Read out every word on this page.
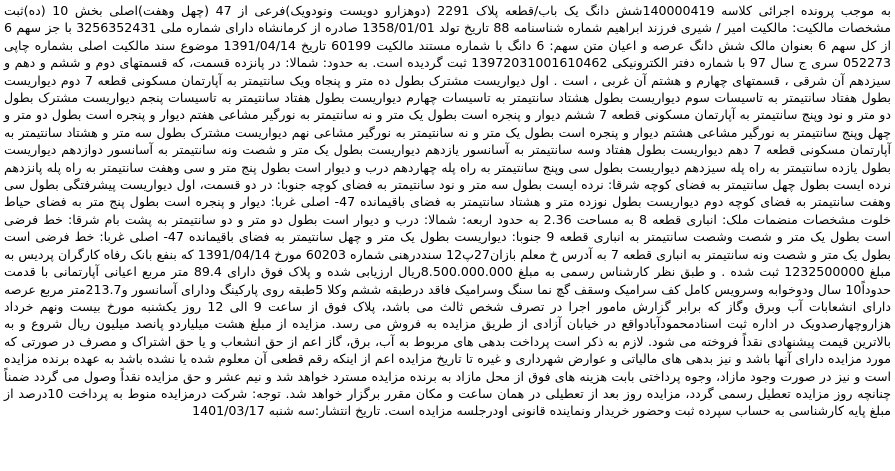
به موجب پرونده اجرائی کلاسه 140000419شش دانگ یک باب/قطعه پلاک 2291 (دوهزارو دویست ونودویک)فرعی از 47 (چهل وهفت)اصلی بخش 10 (ده)ثبت مشخصات مالکیت: مالکیت امیر / شیری فرزند ابراهیم شماره شناسنامه 88 تاریخ تولد 1358/01/01 صادره از کرمانشاه دارای شماره ملی 3256352431 با جز سهم 6 از کل سهم 6 بعنوان مالک شش دانگ عرصه و اعیان متن سهم: 6 دانگ با شماره مستند مالکیت 60199 تاریخ 1391/04/14 موضوع سند مالکیت اصلی بشماره چاپی 052273 سری ج سال 97 با شماره دفتر الکترونیکی 13972031001610462 ثبت گردیده است. به حدود: شمالا: در پانزده قسمت، که قسمتهای دوم و ششم و دهم و سیزدهم آن شرقی ، قسمتهای چهارم و هشتم آن غربی ، است . اول دیواریست مشترک بطول ده متر و پنجاه ویک سانتیمتر به آپارتمان مسکونی قطعه 7 دوم دیواریست بطول هفتاد سانتیمتر به تاسیسات سوم دیواریست بطول هشتاد سانتیمتر به تاسیسات چهارم دیواریست بطول هفتاد سانتیمتر به تاسیسات پنجم دیواریست مشترک بطول دو متر و نود وپنج سانتیمتر به آپارتمان مسکونی قطعه 7 ششم دیوار و پنجره است بطول یک متر و نه سانتیمتر به نورگیر مشاعی هفتم دیوار و پنجره است بطول دو متر و چهل وپنج سانتیمتر به نورگیر مشاعی هشتم دیوار و پنجره است بطول یک متر و نه سانتیمتر به نورگیر مشاعی نهم دیواریست مشترک بطول سه متر و هشتاد سانتیمتر به آپارتمان مسکونی قطعه 7 دهم دیواریست بطول هفتاد وسه سانتیمتر به آسانسور یازدهم دیواریست بطول یک متر و شصت ونه سانتیمتر به آسانسور دوازدهم دیواریست بطول یازده سانتیمتر به راه پله سیزدهم دیواریست بطول سی وپنج سانتیمتر به راه پله چهاردهم درب و دیوار است بطول پنج متر و سی وهفت سانتیمتر به راه پله پانزدهم نرده ایست بطول چهل سانتیمتر به فضای کوچه شرقا: نرده ایست بطول سه متر و نود سانتیمتر به فضای کوچه جنوبا: در دو قسمت، اول دیواریست پیشرفتگی بطول سی وهفت سانتیمتر به فضای کوچه دوم دیواریست بطول نوزده متر و هشتاد سانتیمتر به فضای باقیمانده 47- اصلی غربا: دیوار و پنجره است بطول پنج متر به فضای حیاط خلوت مشخصات منضمات ملک: انباری قطعه 8 به مساحت 2.36 به حدود اربعه: شمالا: درب و دیوار است بطول دو متر و دو سانتیمتر به پشت بام شرقا: خط فرضی است بطول یک متر و شصت وشصت سانتیمتر به انباری قطعه 9 جنوبا: دیواریست بطول یک متر و چهل سانتیمتر به فضای باقیمانده 47- اصلی غربا: خط فرضی است بطول یک متر و شصت ونه سانتیمتر به انباری قطعه 7 به آدرس خ معلم بازان27پ12 سنددرهنی شماره 60203 مورخ 1391/04/14 که بنفع بانک رفاه کارگران پردیس به مبلغ 1232500000 ثبت شده . و طبق نظر کارشناس رسمی به مبلغ 8.500.000.000ریال ارزیابی شده و پلاک فوق دارای 89.4 متر مربع اعیانی آپارتمانی با قدمت حدوداً10 سال ودوخوابه وسرویس کامل کف سرامیک وسقف گچ نما سنگ وسرامیک فاقد درطبقه ششم وکلا 5طبقه روی پارکینگ ودارای آسانسور و213.7متر مربع عرصه دارای انشعابات آب وبرق وگاز که برابر گزارش مامور اجرا در تصرف شخص ثالث می باشد، پلاک فوق از ساعت 9 الی 12 روز یکشنبه مورخ بیست ونهم خرداد هزاروچهارصدویک در اداره ثبت اسنادمحمودآبادواقع در خیابان آزادی از طریق مزایده به فروش می رسد. مزایده از مبلغ هشت میلیاردو پانصد میلیون ریال شروع و به بالاترین قیمت پیشنهادی نقداً فروخته می شود. لازم به ذکر است پرداخت بدهی های مربوط به آب، برق، گاز اعم از حق انشعاب و یا حق اشتراک و مصرف در صورتی که مورد مزایده دارای آنها باشد و نیز بدهی های مالیاتی و عوارض شهرداری و غیره تا تاریخ مزایده اعم از اینکه رقم قطعی آن معلوم شده یا نشده باشد به عهده برنده مزایده است و نیز در صورت وجود مازاد، وجوه پرداختی بابت هزینه های فوق از محل مازاد به برنده مزایده مسترد خواهد شد و نیم عشر و حق مزایده نقداً وصول می گردد ضمناً چنانچه روز مزایده تعطیل رسمی گردد، مزایده روز بعد از تعطیلی در همان ساعت و مکان مقرر برگزار خواهد شد. توجه: شرکت درمزایده منوط به پرداخت 10درصد از مبلغ پایه کارشناسی به حساب سپرده ثبت وحضور خریدار ونماینده قانونی اودرجلسه مزایده است. تاریخ انتشار:سه شنبه 1401/03/17
